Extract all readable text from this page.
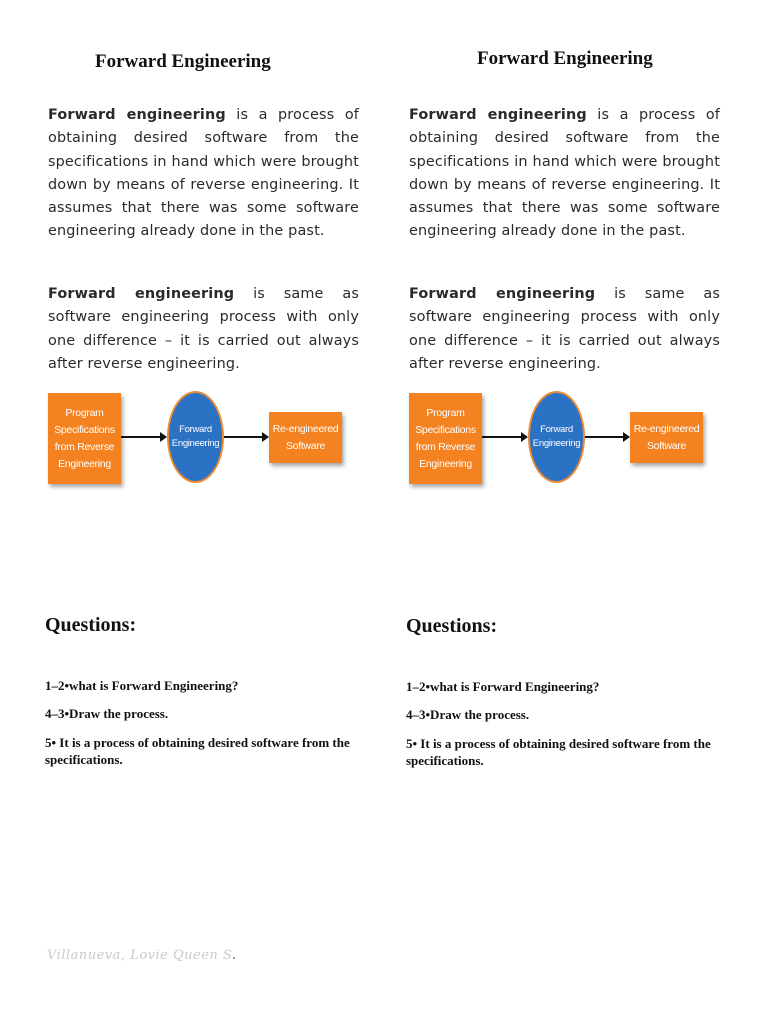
Forward Engineering

Forward engineering is a process of obtaining desired software from the specifications in hand which were brought down by means of reverse engineering. It assumes that there was some software engineering already done in the past.

Forward engineering is same as software engineering process with only one difference – it is carried out always after reverse engineering.

Program
Specifications
from Reverse
Engineering
Forward
Engineering
Re-engineered
Software
Questions:
1–2•what is Forward Engineering?
4–3•Draw the process.
5• It is a process of obtaining desired software from the specifications.
Forward Engineering

Forward engineering is a process of obtaining desired software from the specifications in hand which were brought down by means of reverse engineering. It assumes that there was some software engineering already done in the past.

Forward engineering is same as software engineering process with only one difference – it is carried out always after reverse engineering.

Program
Specifications
from Reverse
Engineering
Forward
Engineering
Re-engineered
Software
Questions:
1–2•what is Forward Engineering?
4–3•Draw the process.
5• It is a process of obtaining desired software from the specifications.
Villanueva, Lovie Queen S.
